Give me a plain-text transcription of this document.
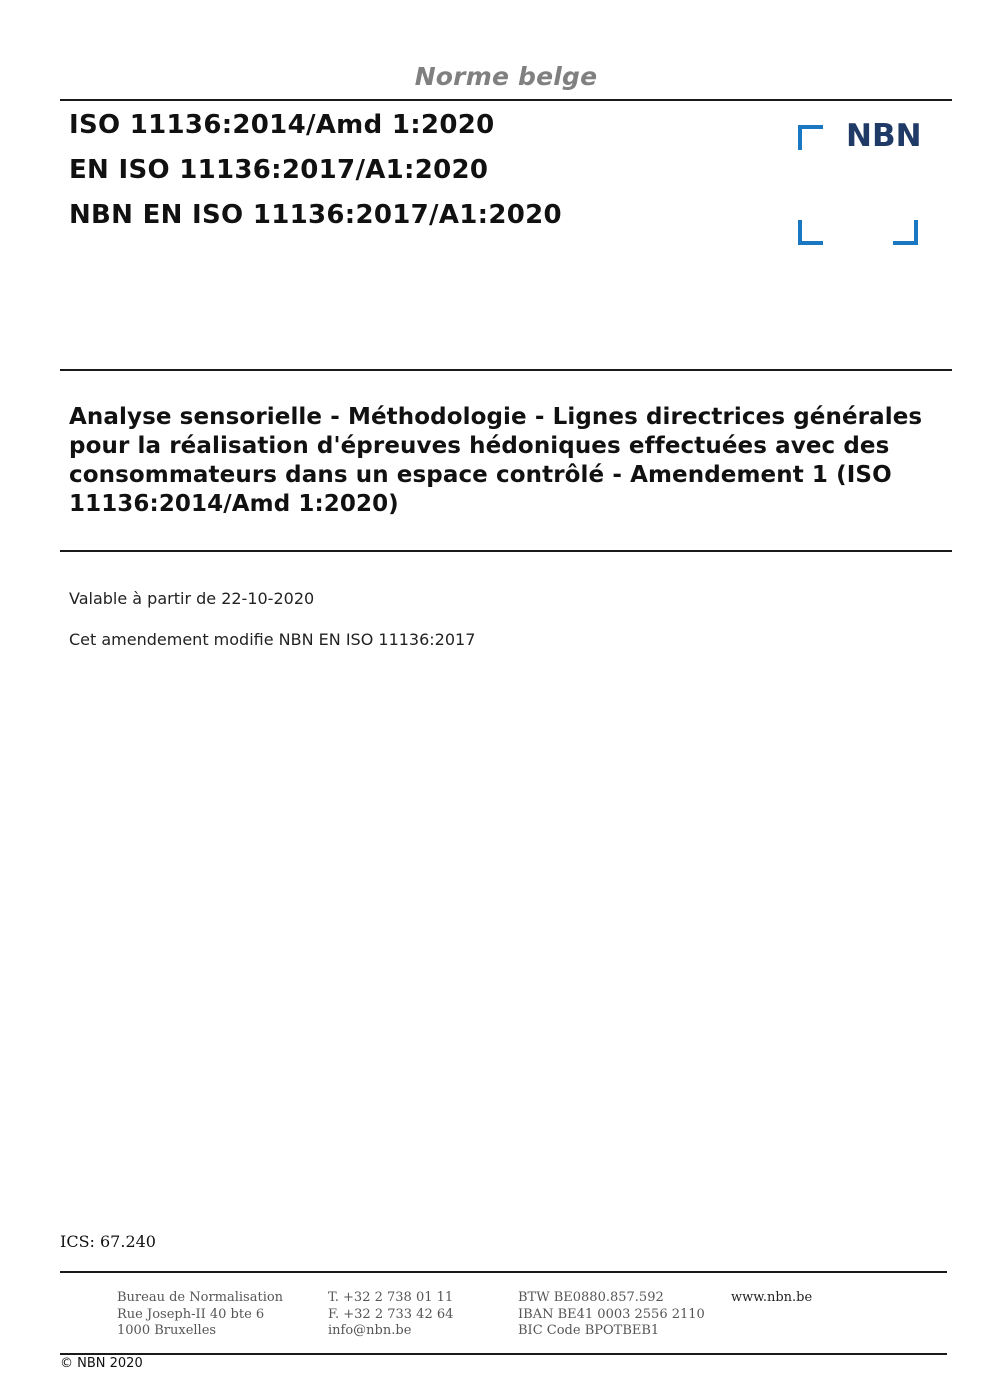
Norme belge
ISO 11136:2014/Amd 1:2020
EN ISO 11136:2017/A1:2020
NBN EN ISO 11136:2017/A1:2020
NBN
Analyse sensorielle - Méthodologie - Lignes directrices générales pour la réalisation d'épreuves hédoniques effectuées avec des consommateurs dans un espace contrôlé - Amendement 1 (ISO 11136:2014/Amd 1:2020)
Valable à partir de 22-10-2020
Cet amendement modifie NBN EN ISO 11136:2017
ICS: 67.240
Bureau de Normalisation
Rue Joseph-II 40 bte 6
1000 Bruxelles
T. +32 2 738 01 11
F. +32 2 733 42 64
info@nbn.be
BTW BE0880.857.592
IBAN BE41 0003 2556 2110
BIC Code BPOTBEB1
www.nbn.be
© NBN 2020
